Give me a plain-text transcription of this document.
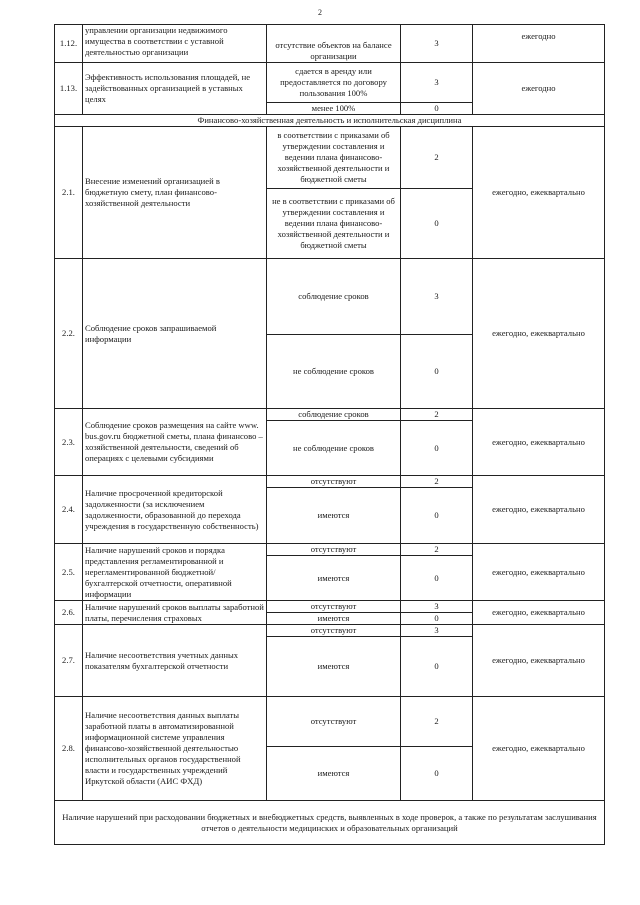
2
1.12.	управлении организации недвижимого имущества в соответствии с уставной деятельностью организации	отсутствие объектов на балансе организации	3	ежегодно
1.13.	Эффективность использования площадей, не задействованных организацией в уставных целях	сдается в аренду или предоставляется по договору пользования 100%	3	ежегодно
		менее 100%	0	
Финансово-хозяйственная деятельность и исполнительская дисциплина				
2.1.	Внесение изменений организацией в бюджетную смету, план финансово-хозяйственной деятельности	в соответствии с приказами об утверждении составления и ведении плана финансово-хозяйственной деятельности и бюджетной сметы	2	ежегодно, ежеквартально
		не в соответствии с приказами об утверждении составления и ведении плана финансово-хозяйственной деятельности и бюджетной сметы	0	
2.2.	Соблюдение сроков запрашиваемой информации	соблюдение сроков	3	ежегодно, ежеквартально
		не соблюдение сроков	0	
2.3.	Соблюдение сроков размещения на сайте www. bus.gov.ru бюджетной сметы, плана финансово – хозяйственной деятельности, сведений об операциях с целевыми субсидиями	соблюдение сроков	2	ежегодно, ежеквартально
		не соблюдение сроков	0	
2.4.	Наличие просроченной кредиторской задолженности (за исключением задолженности, образованной до перехода учреждения в государственную собственность)	отсутствуют	2	ежегодно, ежеквартально
		имеются	0	
2.5.	Наличие нарушений сроков и порядка представления регламентированной и нерегламентированной бюджетной/бухгалтерской отчетности, оперативной информации	отсутствуют	2	ежегодно, ежеквартально
		имеются	0	
2.6.	Наличие нарушений сроков выплаты заработной платы, перечисления страховых	отсутствуют	3	ежегодно, ежеквартально
		имеются	0	
2.7.	Наличие несоответствия учетных данных показателям бухгалтерской отчетности	отсутствуют	3	ежегодно, ежеквартально
		имеются	0	
2.8.	Наличие несоответствия данных выплаты заработной платы в автоматизированной информационной системе управления финансово-хозяйственной деятельностью исполнительных органов государственной власти и государственных учреждений Иркутской области (АИС ФХД)	отсутствуют	2	ежегодно, ежеквартально
		имеются	0	
Наличие нарушений при расходовании бюджетных и внебюджетных средств, выявленных в ходе проверок, а также по результатам заслушивания отчетов о деятельности медицинских и образовательных организаций				
